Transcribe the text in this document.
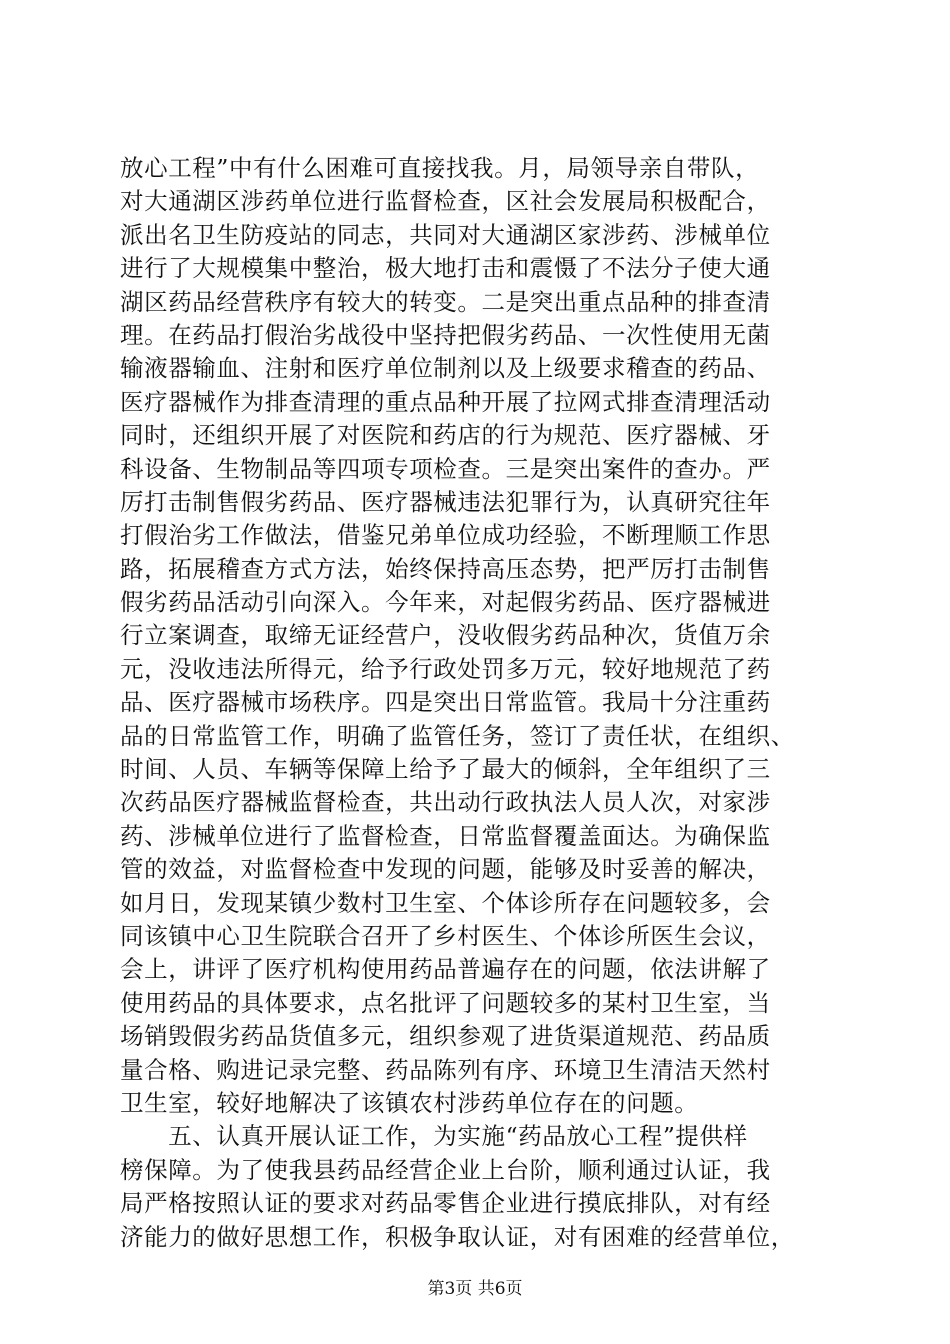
放心工程”中有什么困难可直接找我。月，局领导亲自带队，
对大通湖区涉药单位进行监督检查，区社会发展局积极配合，
派出名卫生防疫站的同志，共同对大通湖区家涉药、涉械单位
进行了大规模集中整治，极大地打击和震慑了不法分子使大通
湖区药品经营秩序有较大的转变。二是突出重点品种的排查清
理。在药品打假治劣战役中坚持把假劣药品、一次性使用无菌
输液器输血、注射和医疗单位制剂以及上级要求稽查的药品、
医疗器械作为排查清理的重点品种开展了拉网式排查清理活动
同时，还组织开展了对医院和药店的行为规范、医疗器械、牙
科设备、生物制品等四项专项检查。三是突出案件的查办。严
厉打击制售假劣药品、医疗器械违法犯罪行为，认真研究往年
打假治劣工作做法，借鉴兄弟单位成功经验，不断理顺工作思
路，拓展稽查方式方法，始终保持高压态势，把严厉打击制售
假劣药品活动引向深入。今年来，对起假劣药品、医疗器械进
行立案调查，取缔无证经营户，没收假劣药品种次，货值万余
元，没收违法所得元，给予行政处罚多万元，较好地规范了药
品、医疗器械市场秩序。四是突出日常监管。我局十分注重药
品的日常监管工作，明确了监管任务，签订了责任状，在组织、
时间、人员、车辆等保障上给予了最大的倾斜，全年组织了三
次药品医疗器械监督检查，共出动行政执法人员人次，对家涉
药、涉械单位进行了监督检查，日常监督覆盖面达。为确保监
管的效益，对监督检查中发现的问题，能够及时妥善的解决，
如月日，发现某镇少数村卫生室、个体诊所存在问题较多，会
同该镇中心卫生院联合召开了乡村医生、个体诊所医生会议，
会上，讲评了医疗机构使用药品普遍存在的问题，依法讲解了
使用药品的具体要求，点名批评了问题较多的某村卫生室，当
场销毁假劣药品货值多元，组织参观了进货渠道规范、药品质
量合格、购进记录完整、药品陈列有序、环境卫生清洁天然村
卫生室，较好地解决了该镇农村涉药单位存在的问题。
　　五、认真开展认证工作，为实施“药品放心工程”提供样
榜保障。为了使我县药品经营企业上台阶，顺利通过认证，我
局严格按照认证的要求对药品零售企业进行摸底排队，对有经
济能力的做好思想工作，积极争取认证，对有困难的经营单位，
第3页 共6页
